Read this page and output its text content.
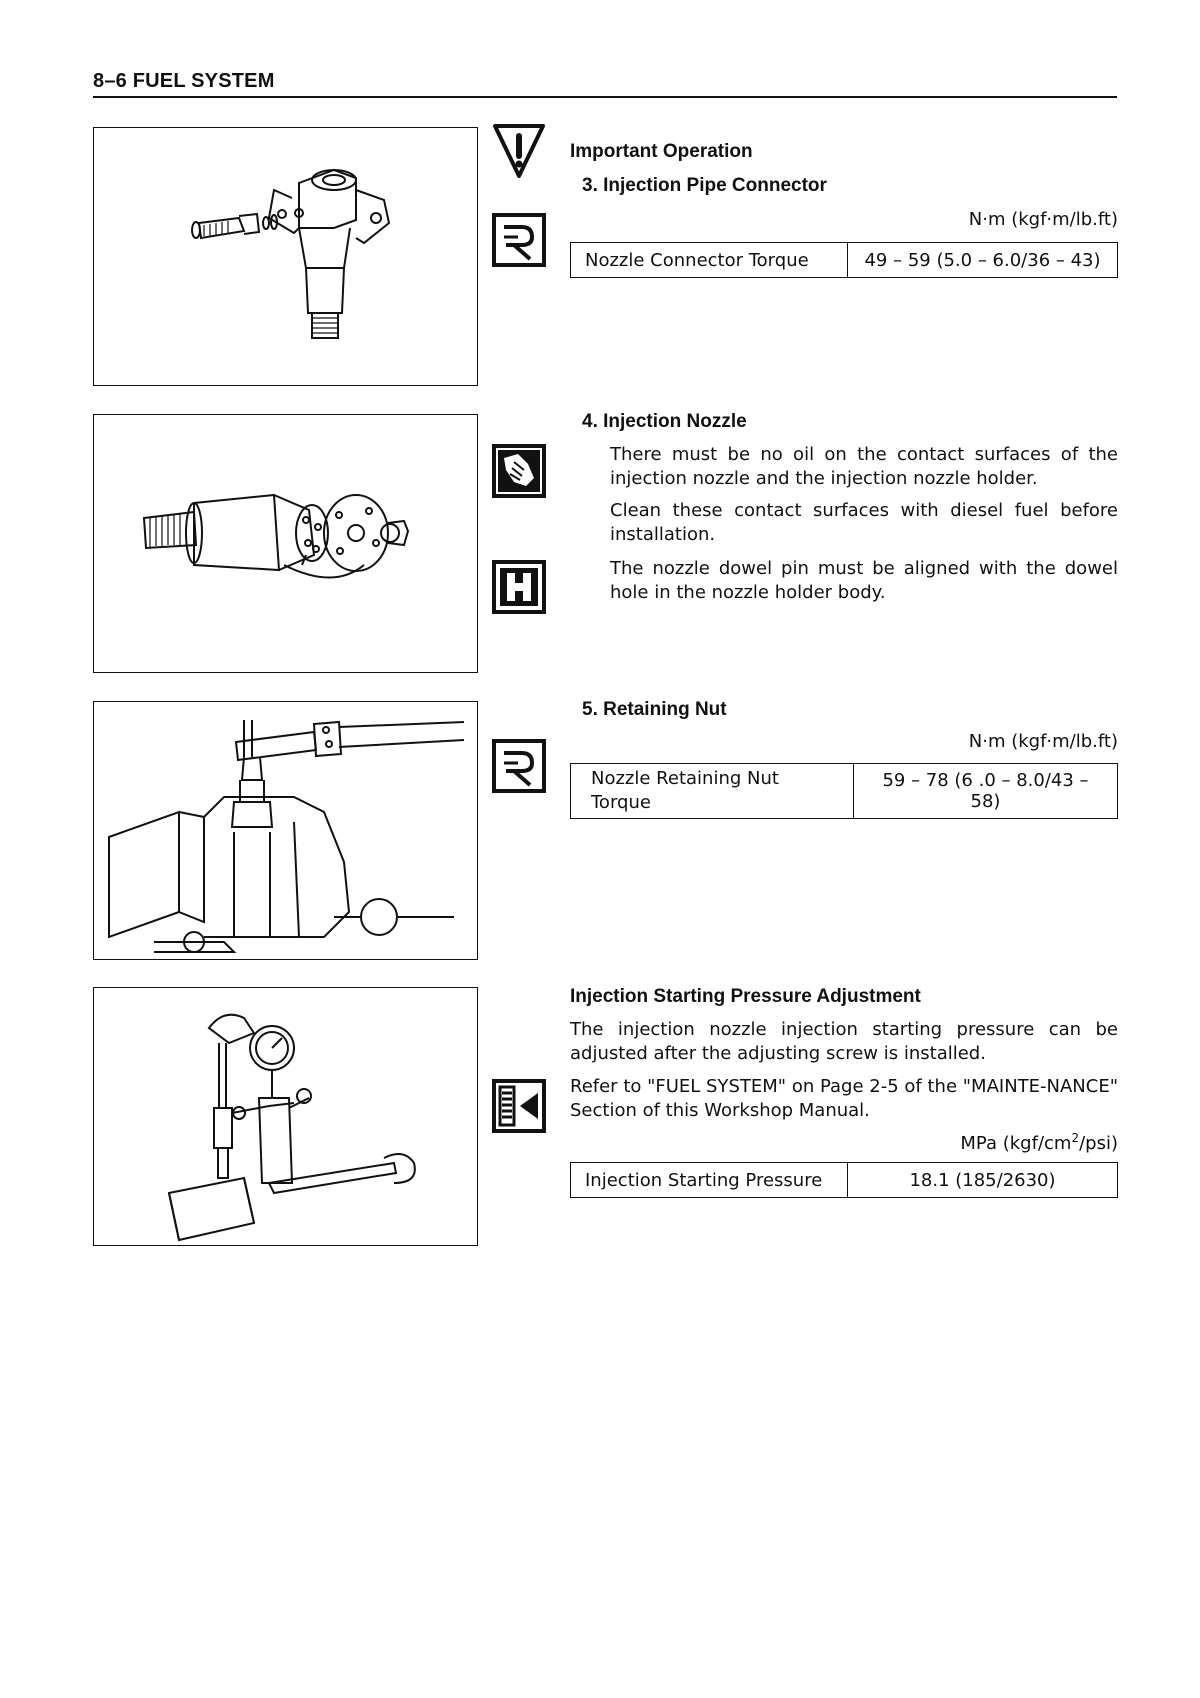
8–6 FUEL SYSTEM
Important Operation
3. Injection Pipe Connector
N·m (kgf·m/lb.ft)
Nozzle Connector Torque	49 – 59 (5.0 – 6.0/36 – 43)
4. Injection Nozzle
There must be no oil on the contact surfaces of the injection nozzle and the injection nozzle holder.
Clean these contact surfaces with diesel fuel before installation.
The nozzle dowel pin must be aligned with the dowel hole in the nozzle holder body.
5. Retaining Nut
N·m (kgf·m/lb.ft)
Nozzle Retaining Nut
Torque
	59 – 78 (6 .0 – 8.0/43 – 58)
Injection Starting Pressure Adjustment
The injection nozzle injection starting pressure can be adjusted after the adjusting screw is installed.
Refer to "FUEL SYSTEM" on Page 2-5 of the "MAINTE-NANCE" Section of this Workshop Manual.
MPa $(kgf/cm^2/psi)$
Injection Starting Pressure	18.1 (185/2630)
